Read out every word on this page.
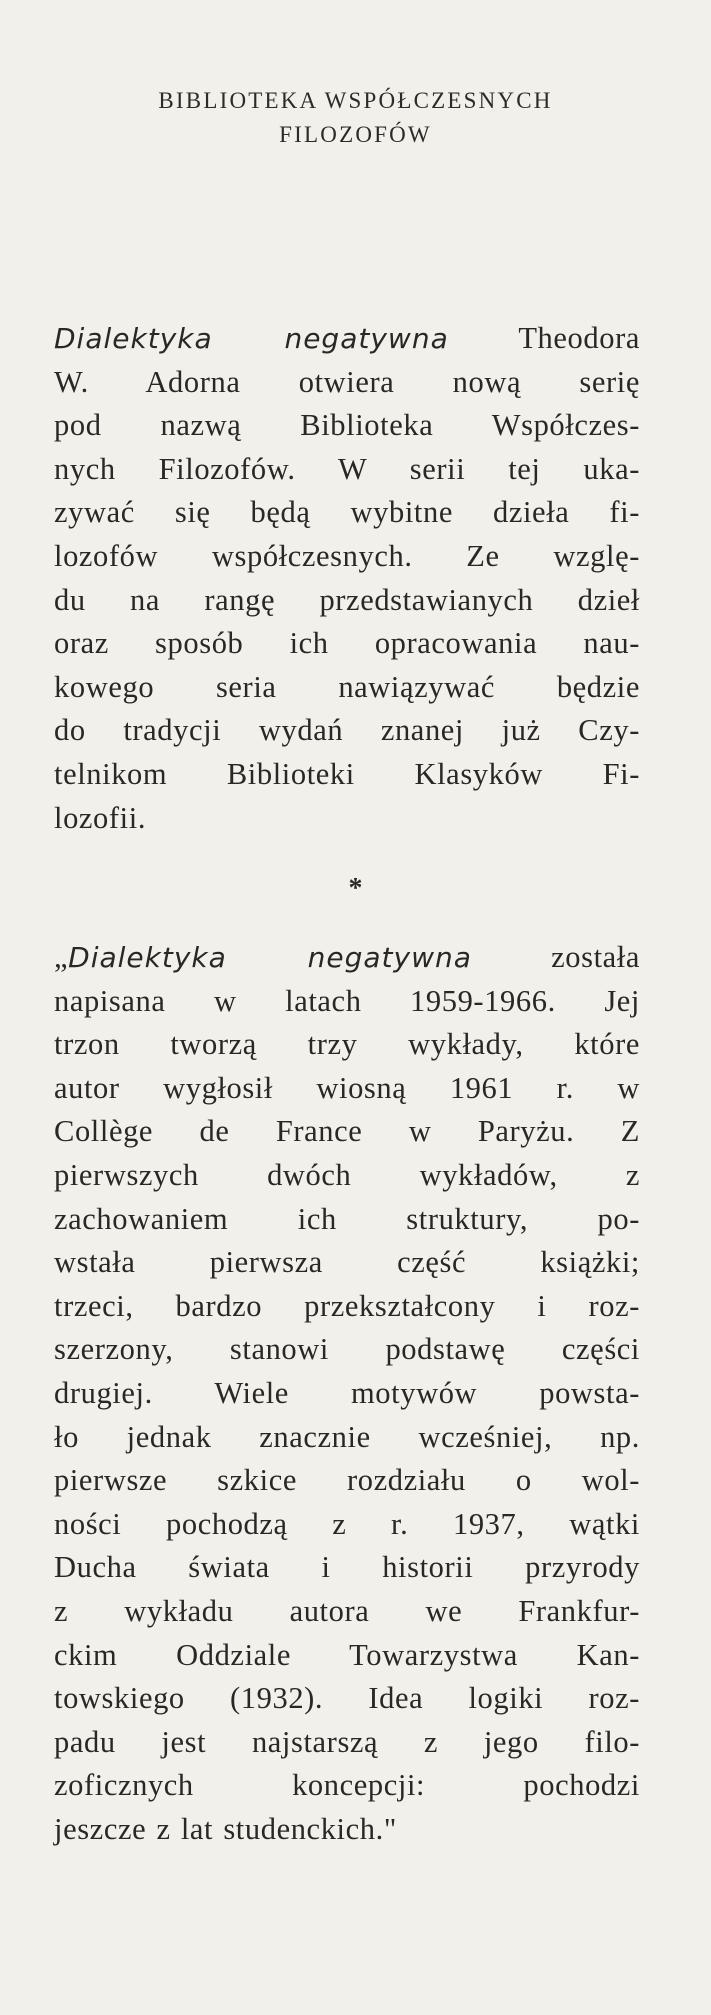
BIBLIOTEKA WSPÓŁCZESNYCH
FILOZOFÓW
Dialektyka negatywna Theodora
W. Adorna otwiera nową serię
pod nazwą Biblioteka Współczes-
nych Filozofów. W serii tej uka-
zywać się będą wybitne dzieła fi-
lozofów współczesnych. Ze wzglę-
du na rangę przedstawianych dzieł
oraz sposób ich opracowania nau-
kowego seria nawiązywać będzie
do tradycji wydań znanej już Czy-
telnikom Biblioteki Klasyków Fi-
lozofii.
*
„Dialektyka negatywna została
napisana w latach 1959-1966. Jej
trzon tworzą trzy wykłady, które
autor wygłosił wiosną 1961 r. w
Collège de France w Paryżu. Z
pierwszych dwóch wykładów, z
zachowaniem ich struktury, po-
wstała pierwsza część książki;
trzeci, bardzo przekształcony i roz-
szerzony, stanowi podstawę części
drugiej. Wiele motywów powsta-
ło jednak znacznie wcześniej, np.
pierwsze szkice rozdziału o wol-
ności pochodzą z r. 1937, wątki
Ducha świata i historii przyrody
z wykładu autora we Frankfur-
ckim Oddziale Towarzystwa Kan-
towskiego (1932). Idea logiki roz-
padu jest najstarszą z jego filo-
zoficznych koncepcji: pochodzi
jeszcze z lat studenckich."
